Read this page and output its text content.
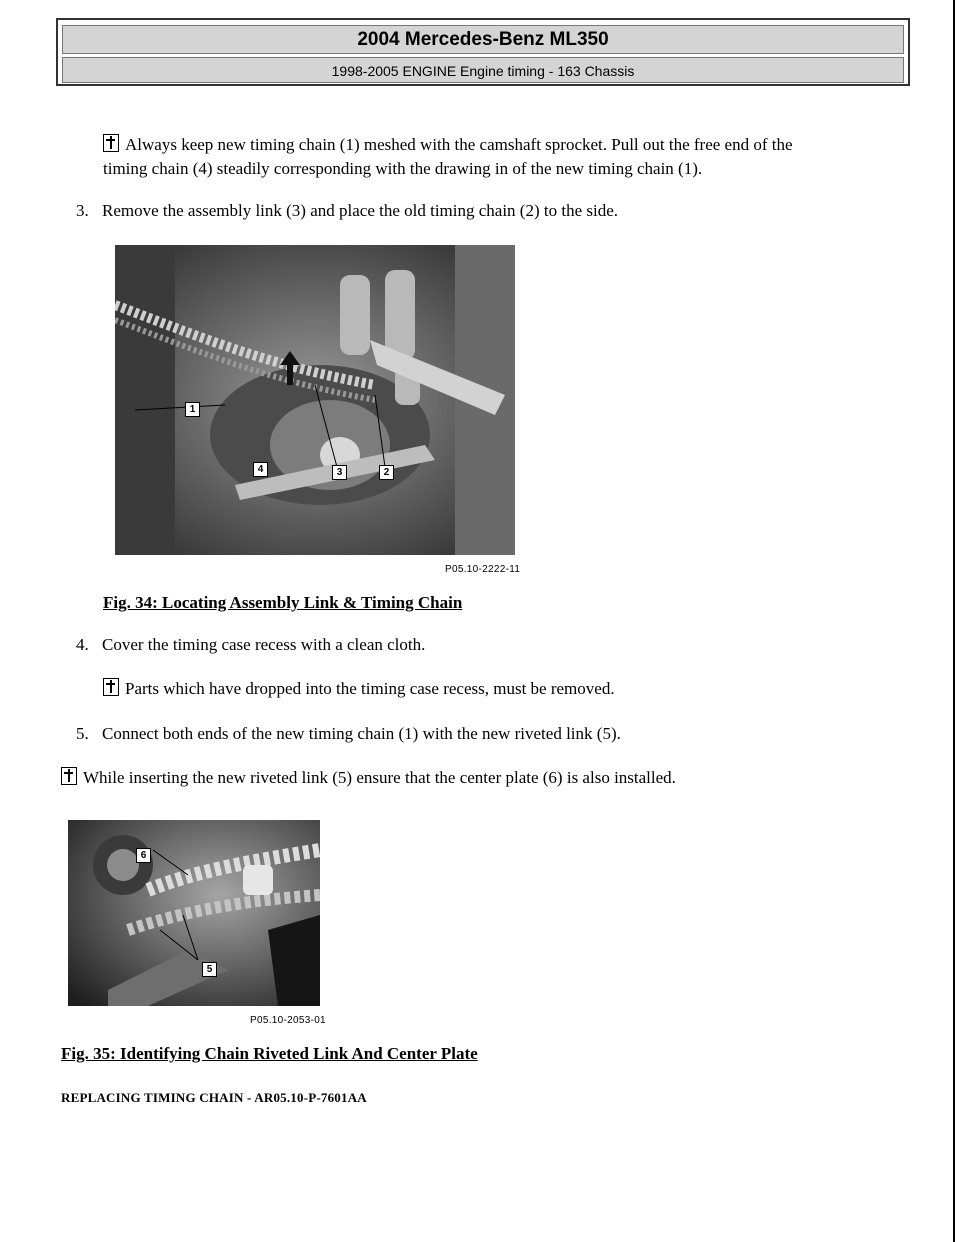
2004 Mercedes-Benz ML350
1998-2005 ENGINE Engine timing - 163 Chassis
Always keep new timing chain (1) meshed with the camshaft sprocket. Pull out the free end of the
timing chain (4) steadily corresponding with the drawing in of the new timing chain (1).
3. Remove the assembly link (3) and place the old timing chain (2) to the side.
1
4	3	2
P05.10-2222-11
Fig. 34: Locating Assembly Link & Timing Chain
4. Cover the timing case recess with a clean cloth.
Parts which have dropped into the timing case recess, must be removed.
5. Connect both ends of the new timing chain (1) with the new riveted link (5).
While inserting the new riveted link (5) ensure that the center plate (6) is also installed.
6
5
P05.10-2053-01
Fig. 35: Identifying Chain Riveted Link And Center Plate
REPLACING TIMING CHAIN - AR05.10-P-7601AA
